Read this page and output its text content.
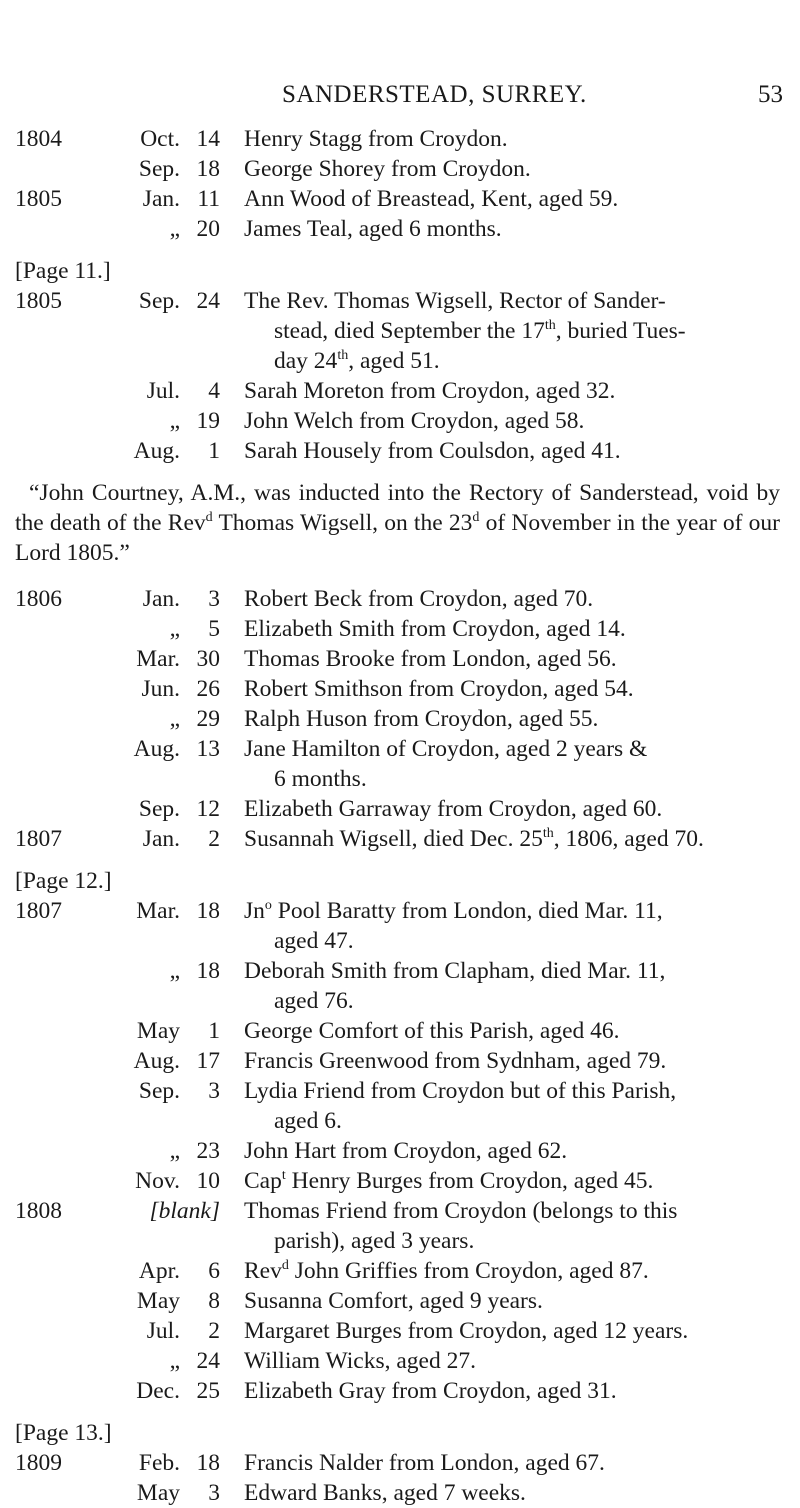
SANDERSTEAD, SURREY.	53
1804	Oct. 14 Henry Stagg from Croydon.
Sep. 18 George Shorey from Croydon.
1805	Jan. 11 Ann Wood of Breastead, Kent, aged 59.
„ 20 James Teal, aged 6 months.
[Page 11.]
1805	Sep. 24 The Rev. Thomas Wigsell, Rector of Sander-
stead, died September the 17th, buried Tues-
day 24th, aged 51.
Jul.	4 Sarah Moreton from Croydon, aged 32.
„ 19 John Welch from Croydon, aged 58.
Aug.	1 Sarah Housely from Coulsdon, aged 41.

“John Courtney, A.M., was inducted into the Rectory of Sanderstead, void by the death of the Rev$^d$ Thomas Wigsell, on the 23$^d$ of November in the year of our Lord 1805.”

1806	Jan.	3 Robert Beck from Croydon, aged 70.
„	5 Elizabeth Smith from Croydon, aged 14.
Mar. 30 Thomas Brooke from London, aged 56.
Jun. 26 Robert Smithson from Croydon, aged 54.
„ 29 Ralph Huson from Croydon, aged 55.
Aug. 13 Jane Hamilton of Croydon, aged 2 years &
6 months.
Sep. 12 Elizabeth Garraway from Croydon, aged 60.
1807	Jan.	2 Susannah Wigsell, died Dec. 25th, 1806, aged 70.
[Page 12.]
1807	Mar. 18 Jn$^o$ Pool Baratty from London, died Mar. 11,
aged 47.
„ 18 Deborah Smith from Clapham, died Mar. 11,
aged 76.
May	1 George Comfort of this Parish, aged 46.
Aug. 17 Francis Greenwood from Sydnham, aged 79.
Sep.	3 Lydia Friend from Croydon but of this Parish,
aged 6.
„ 23 John Hart from Croydon, aged 62.
Nov. 10 Cap$^t$ Henry Burges from Croydon, aged 45.
1808	[blank] Thomas Friend from Croydon (belongs to this
parish), aged 3 years.
Apr.	6 Rev$^d$ John Griffies from Croydon, aged 87.
May	8 Susanna Comfort, aged 9 years.
Jul.	2 Margaret Burges from Croydon, aged 12 years.
„ 24 William Wicks, aged 27.
Dec. 25 Elizabeth Gray from Croydon, aged 31.
[Page 13.]
1809	Feb. 18 Francis Nalder from London, aged 67.
May	3 Edward Banks, aged 7 weeks.
